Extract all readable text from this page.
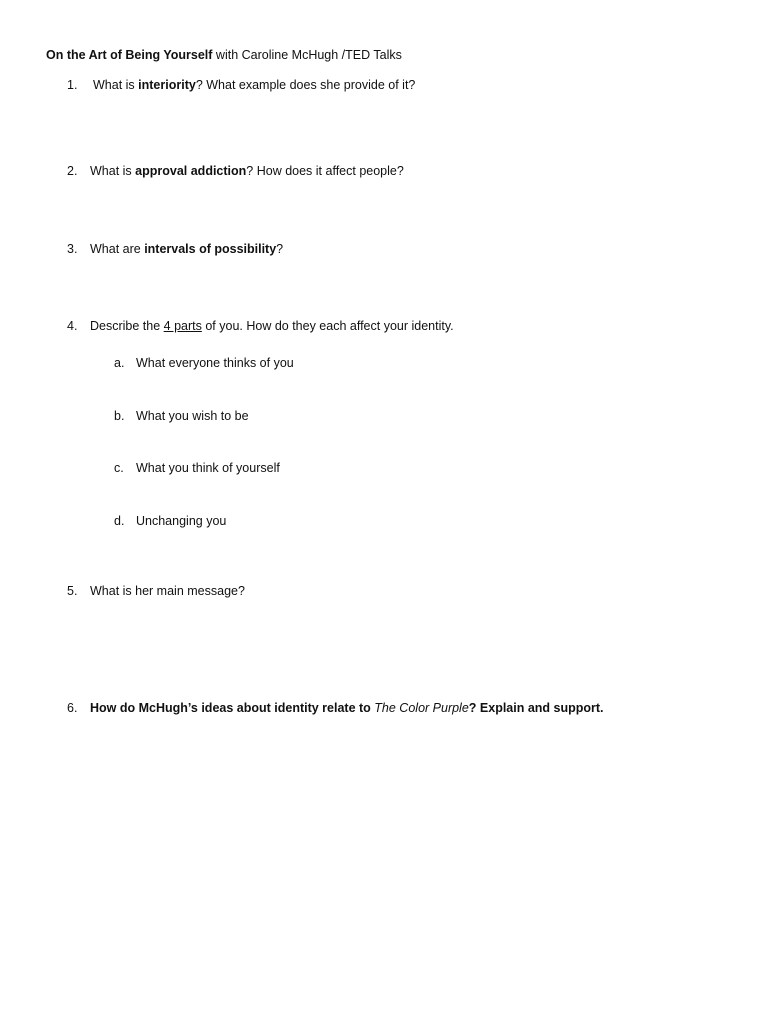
On the Art of Being Yourself with Caroline McHugh /TED Talks
1. What is interiority? What example does she provide of it?
2. What is approval addiction? How does it affect people?
3. What are intervals of possibility?
4. Describe the 4 parts of you. How do they each affect your identity.
a. What everyone thinks of you
b. What you wish to be
c. What you think of yourself
d. Unchanging you
5. What is her main message?
6. How do McHugh’s ideas about identity relate to The Color Purple? Explain and support.
